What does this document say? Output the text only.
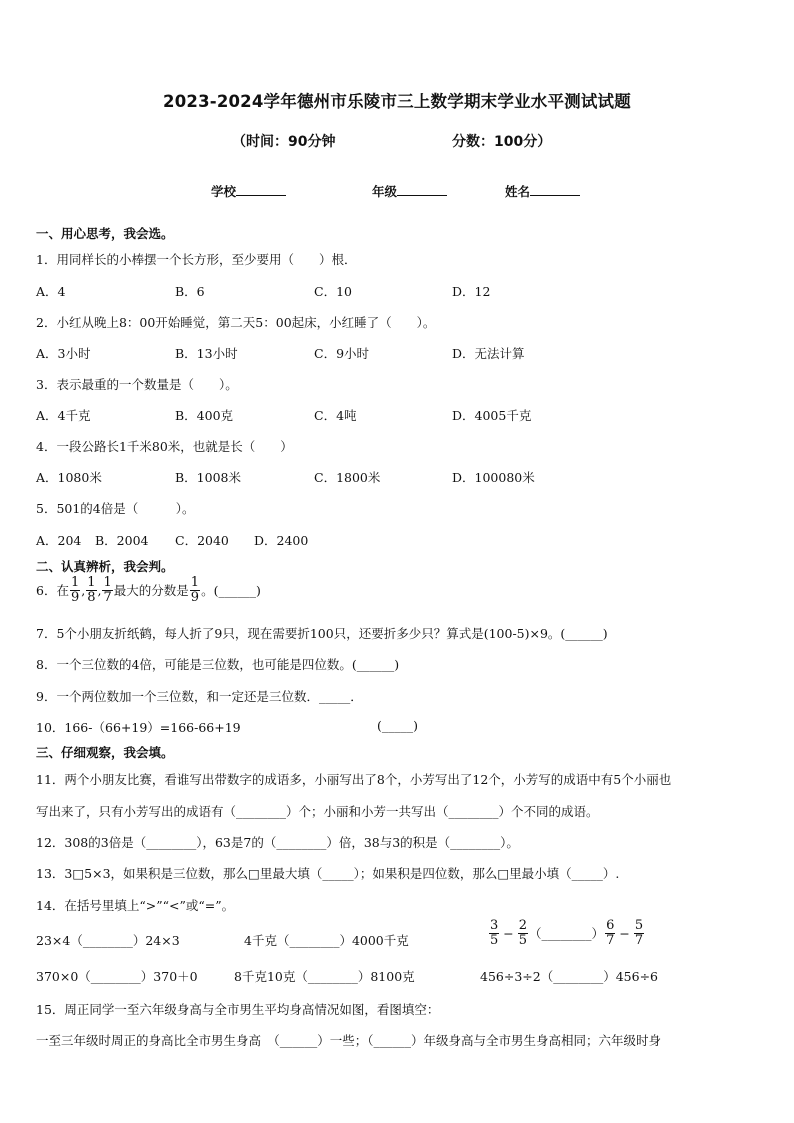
2023-2024学年德州市乐陵市三上数学期末学业水平测试试题
（时间：90分钟	分数：100分）
学校	年级	姓名
一、用心思考，我会选。
1．用同样长的小棒摆一个长方形，至少要用（　　）根．
A．4	B．6	C．10	D．12
2．小红从晚上8：00开始睡觉，第二天5：00起床，小红睡了（　　）。
A．3小时	B．13小时	C．9小时	D．无法计算
3．表示最重的一个数量是（　　）。
A．4千克	B．400克	C．4吨	D．4005千克
4．一段公路长1千米80米，也就是长（　　）
A．1080米	B．1008米	C．1800米	D．100080米
5．501的4倍是（　　　）。
A．204 B．2004 C．2040 D．2400
二、认真辨析，我会判。
6．在 $\frac{1}{9}$ , $\frac{1}{8}$ , $\frac{1}{7}$ 最大的分数是 $\frac{1}{9}$ 。(______)
7．5个小朋友折纸鹤，每人折了9只，现在需要折100只，还要折多少只？算式是(100-5)×9。(______)
8．一个三位数的4倍，可能是三位数，也可能是四位数。(______)
9．一个两位数加一个三位数，和一定还是三位数．_____．
10．166-（66+19）=166-66+19	(_____)
三、仔细观察，我会填。
11．两个小朋友比赛，看谁写出带数字的成语多，小丽写出了8个，小芳写出了12个，小芳写的成语中有5个小丽也
写出来了，只有小芳写出的成语有（________）个；小丽和小芳一共写出（________）个不同的成语。
12．308的3倍是（________），63是7的（________）倍，38与3的积是（________）。
13．3□5×3，如果积是三位数，那么□里最大填（_____）；如果积是四位数，那么□里最小填（_____）.
14．在括号里填上“>”“<”或“=”。
23×4（________）24×3	4千克（________）4000千克	$\frac{3}{5} - \frac{2}{5}$ （________） $\frac{6}{7} - \frac{5}{7}$
370×0（________）370＋0	8千克10克（________）8100克	456÷3÷2（________）456÷6
15．周正同学一至六年级身高与全市男生平均身高情况如图，看图填空：
一至三年级时周正的身高比全市男生身高　（______）一些；（______）年级身高与全市男生身高相同；六年级时身
